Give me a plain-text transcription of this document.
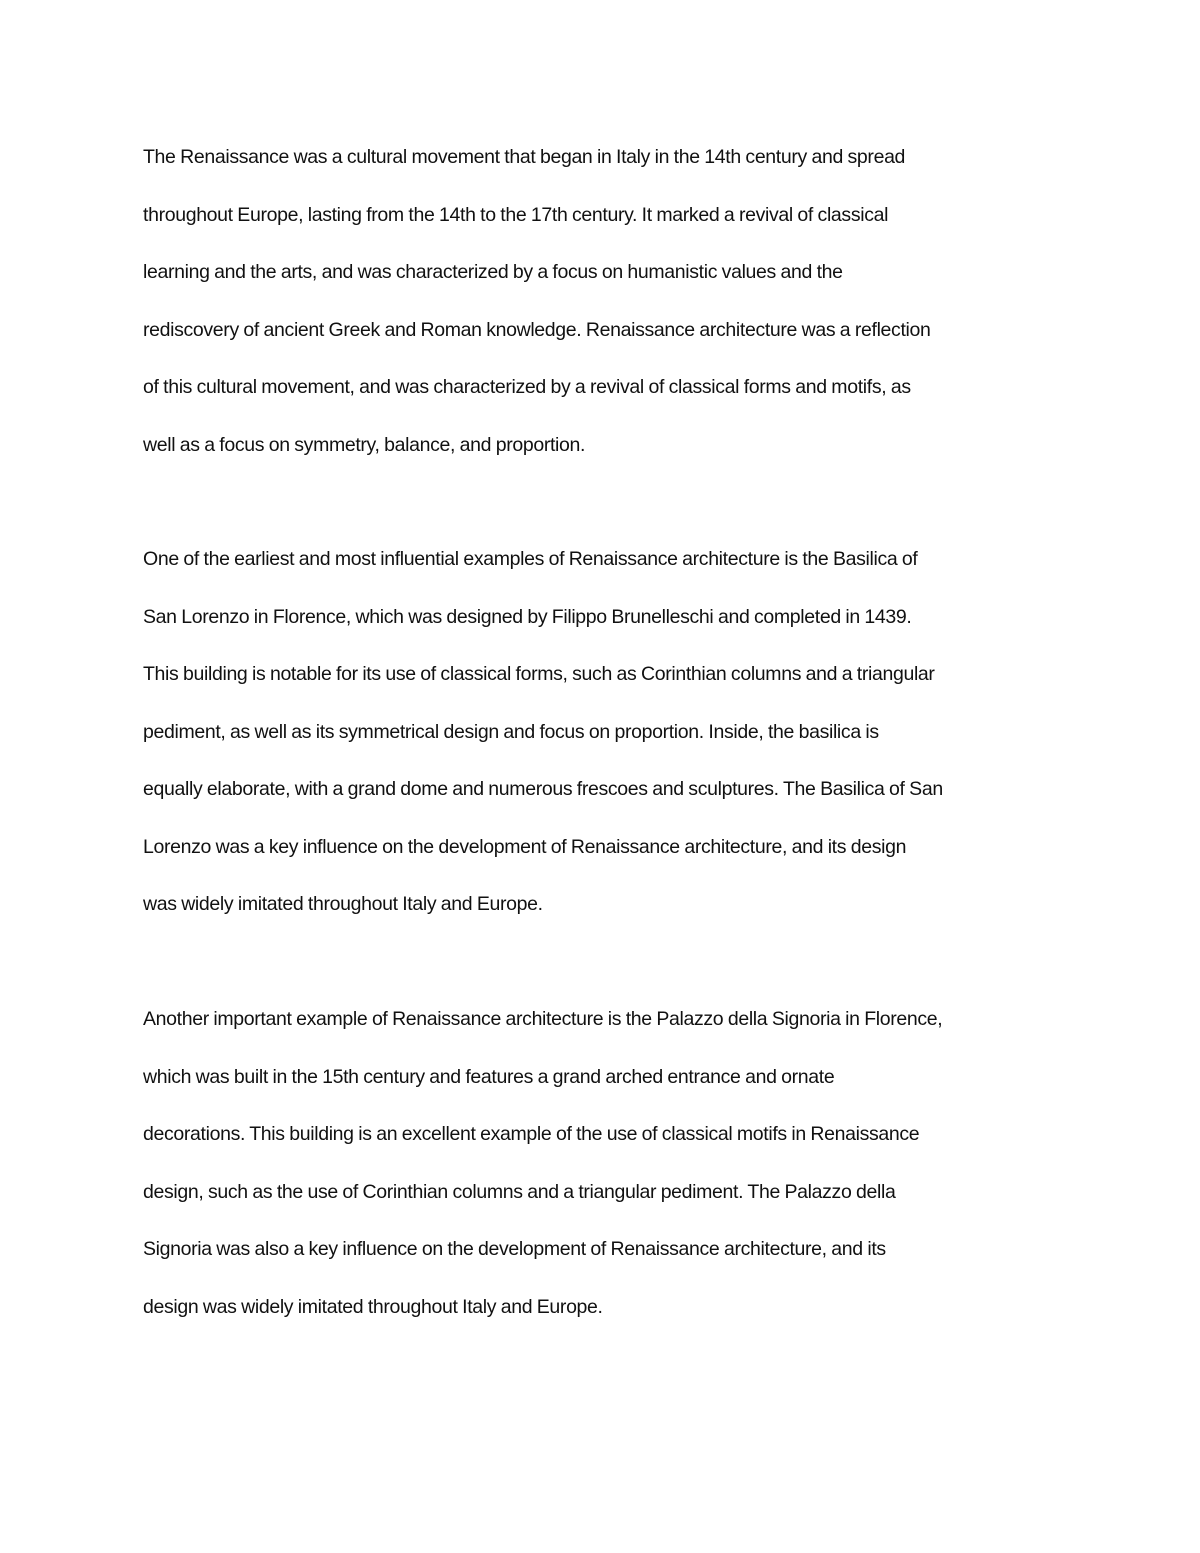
The Renaissance was a cultural movement that began in Italy in the 14th century and spread
throughout Europe, lasting from the 14th to the 17th century. It marked a revival of classical
learning and the arts, and was characterized by a focus on humanistic values and the
rediscovery of ancient Greek and Roman knowledge. Renaissance architecture was a reflection
of this cultural movement, and was characterized by a revival of classical forms and motifs, as
well as a focus on symmetry, balance, and proportion.
One of the earliest and most influential examples of Renaissance architecture is the Basilica of
San Lorenzo in Florence, which was designed by Filippo Brunelleschi and completed in 1439.
This building is notable for its use of classical forms, such as Corinthian columns and a triangular
pediment, as well as its symmetrical design and focus on proportion. Inside, the basilica is
equally elaborate, with a grand dome and numerous frescoes and sculptures. The Basilica of San
Lorenzo was a key influence on the development of Renaissance architecture, and its design
was widely imitated throughout Italy and Europe.
Another important example of Renaissance architecture is the Palazzo della Signoria in Florence,
which was built in the 15th century and features a grand arched entrance and ornate
decorations. This building is an excellent example of the use of classical motifs in Renaissance
design, such as the use of Corinthian columns and a triangular pediment. The Palazzo della
Signoria was also a key influence on the development of Renaissance architecture, and its
design was widely imitated throughout Italy and Europe.
